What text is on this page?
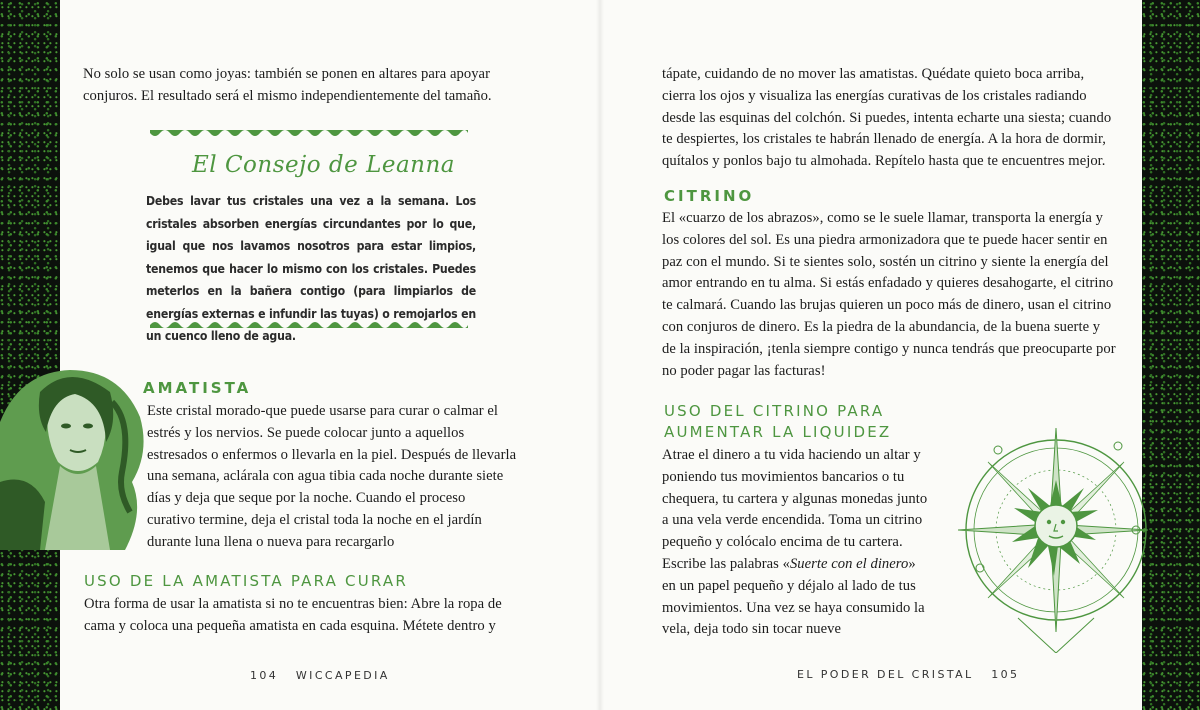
No solo se usan como joyas: también se ponen en altares para apoyar conjuros. El resultado será el mismo independientemente del tamaño.

El Consejo de Leanna

Debes lavar tus cristales una vez a la semana. Los cristales absorben energías circundantes por lo que, igual que nos lavamos nosotros para estar limpios, tenemos que hacer lo mismo con los cristales. Puedes meterlos en la bañera contigo (para limpiarlos de energías externas e infundir las tuyas) o remojarlos en un cuenco lleno de agua.

AMATISTA

Este cristal morado-que puede usarse para curar o calmar el estrés y los nervios. Se puede colocar junto a aquellos estresados o enfermos o llevarla en la piel. Después de llevarla una semana, aclárala con agua tibia cada noche durante siete días y deja que seque por la noche. Cuando el proceso curativo termine, deja el cristal toda la noche en el jardín durante luna llena o nueva para recargarlo

USO DE LA AMATISTA PARA CURAR

Otra forma de usar la amatista si no te encuentras bien: Abre la ropa de cama y coloca una pequeña amatista en cada esquina. Métete dentro y

104 WICCAPEDIA

tápate, cuidando de no mover las amatistas. Quédate quieto boca arriba, cierra los ojos y visualiza las energías curativas de los cristales radiando desde las esquinas del colchón. Si puedes, intenta echarte una siesta; cuando te despiertes, los cristales te habrán llenado de energía. A la hora de dormir, quítalos y ponlos bajo tu almohada. Repítelo hasta que te encuentres mejor.

CITRINO

El «cuarzo de los abrazos», como se le suele llamar, transporta la energía y los colores del sol. Es una piedra armonizadora que te puede hacer sentir en paz con el mundo. Si te sientes solo, sostén un citrino y siente la energía del amor entrando en tu alma. Si estás enfadado y quieres desahogarte, el citrino te calmará. Cuando las brujas quieren un poco más de dinero, usan el citrino con conjuros de dinero. Es la piedra de la abundancia, de la buena suerte y de la inspiración, ¡tenla siempre contigo y nunca tendrás que preocuparte por no poder pagar las facturas!

USO DEL CITRINO PARA

AUMENTAR LA LIQUIDEZ

Atrae el dinero a tu vida haciendo un altar y poniendo tus movimientos bancarios o tu chequera, tu cartera y algunas monedas junto a una vela verde encendida. Toma un citrino pequeño y colócalo encima de tu cartera. Escribe las palabras «Suerte con el dinero» en un papel pequeño y déjalo al lado de tus movimientos. Una vez se haya consumido la vela, deja todo sin tocar nueve

EL PODER DEL CRISTAL 105
